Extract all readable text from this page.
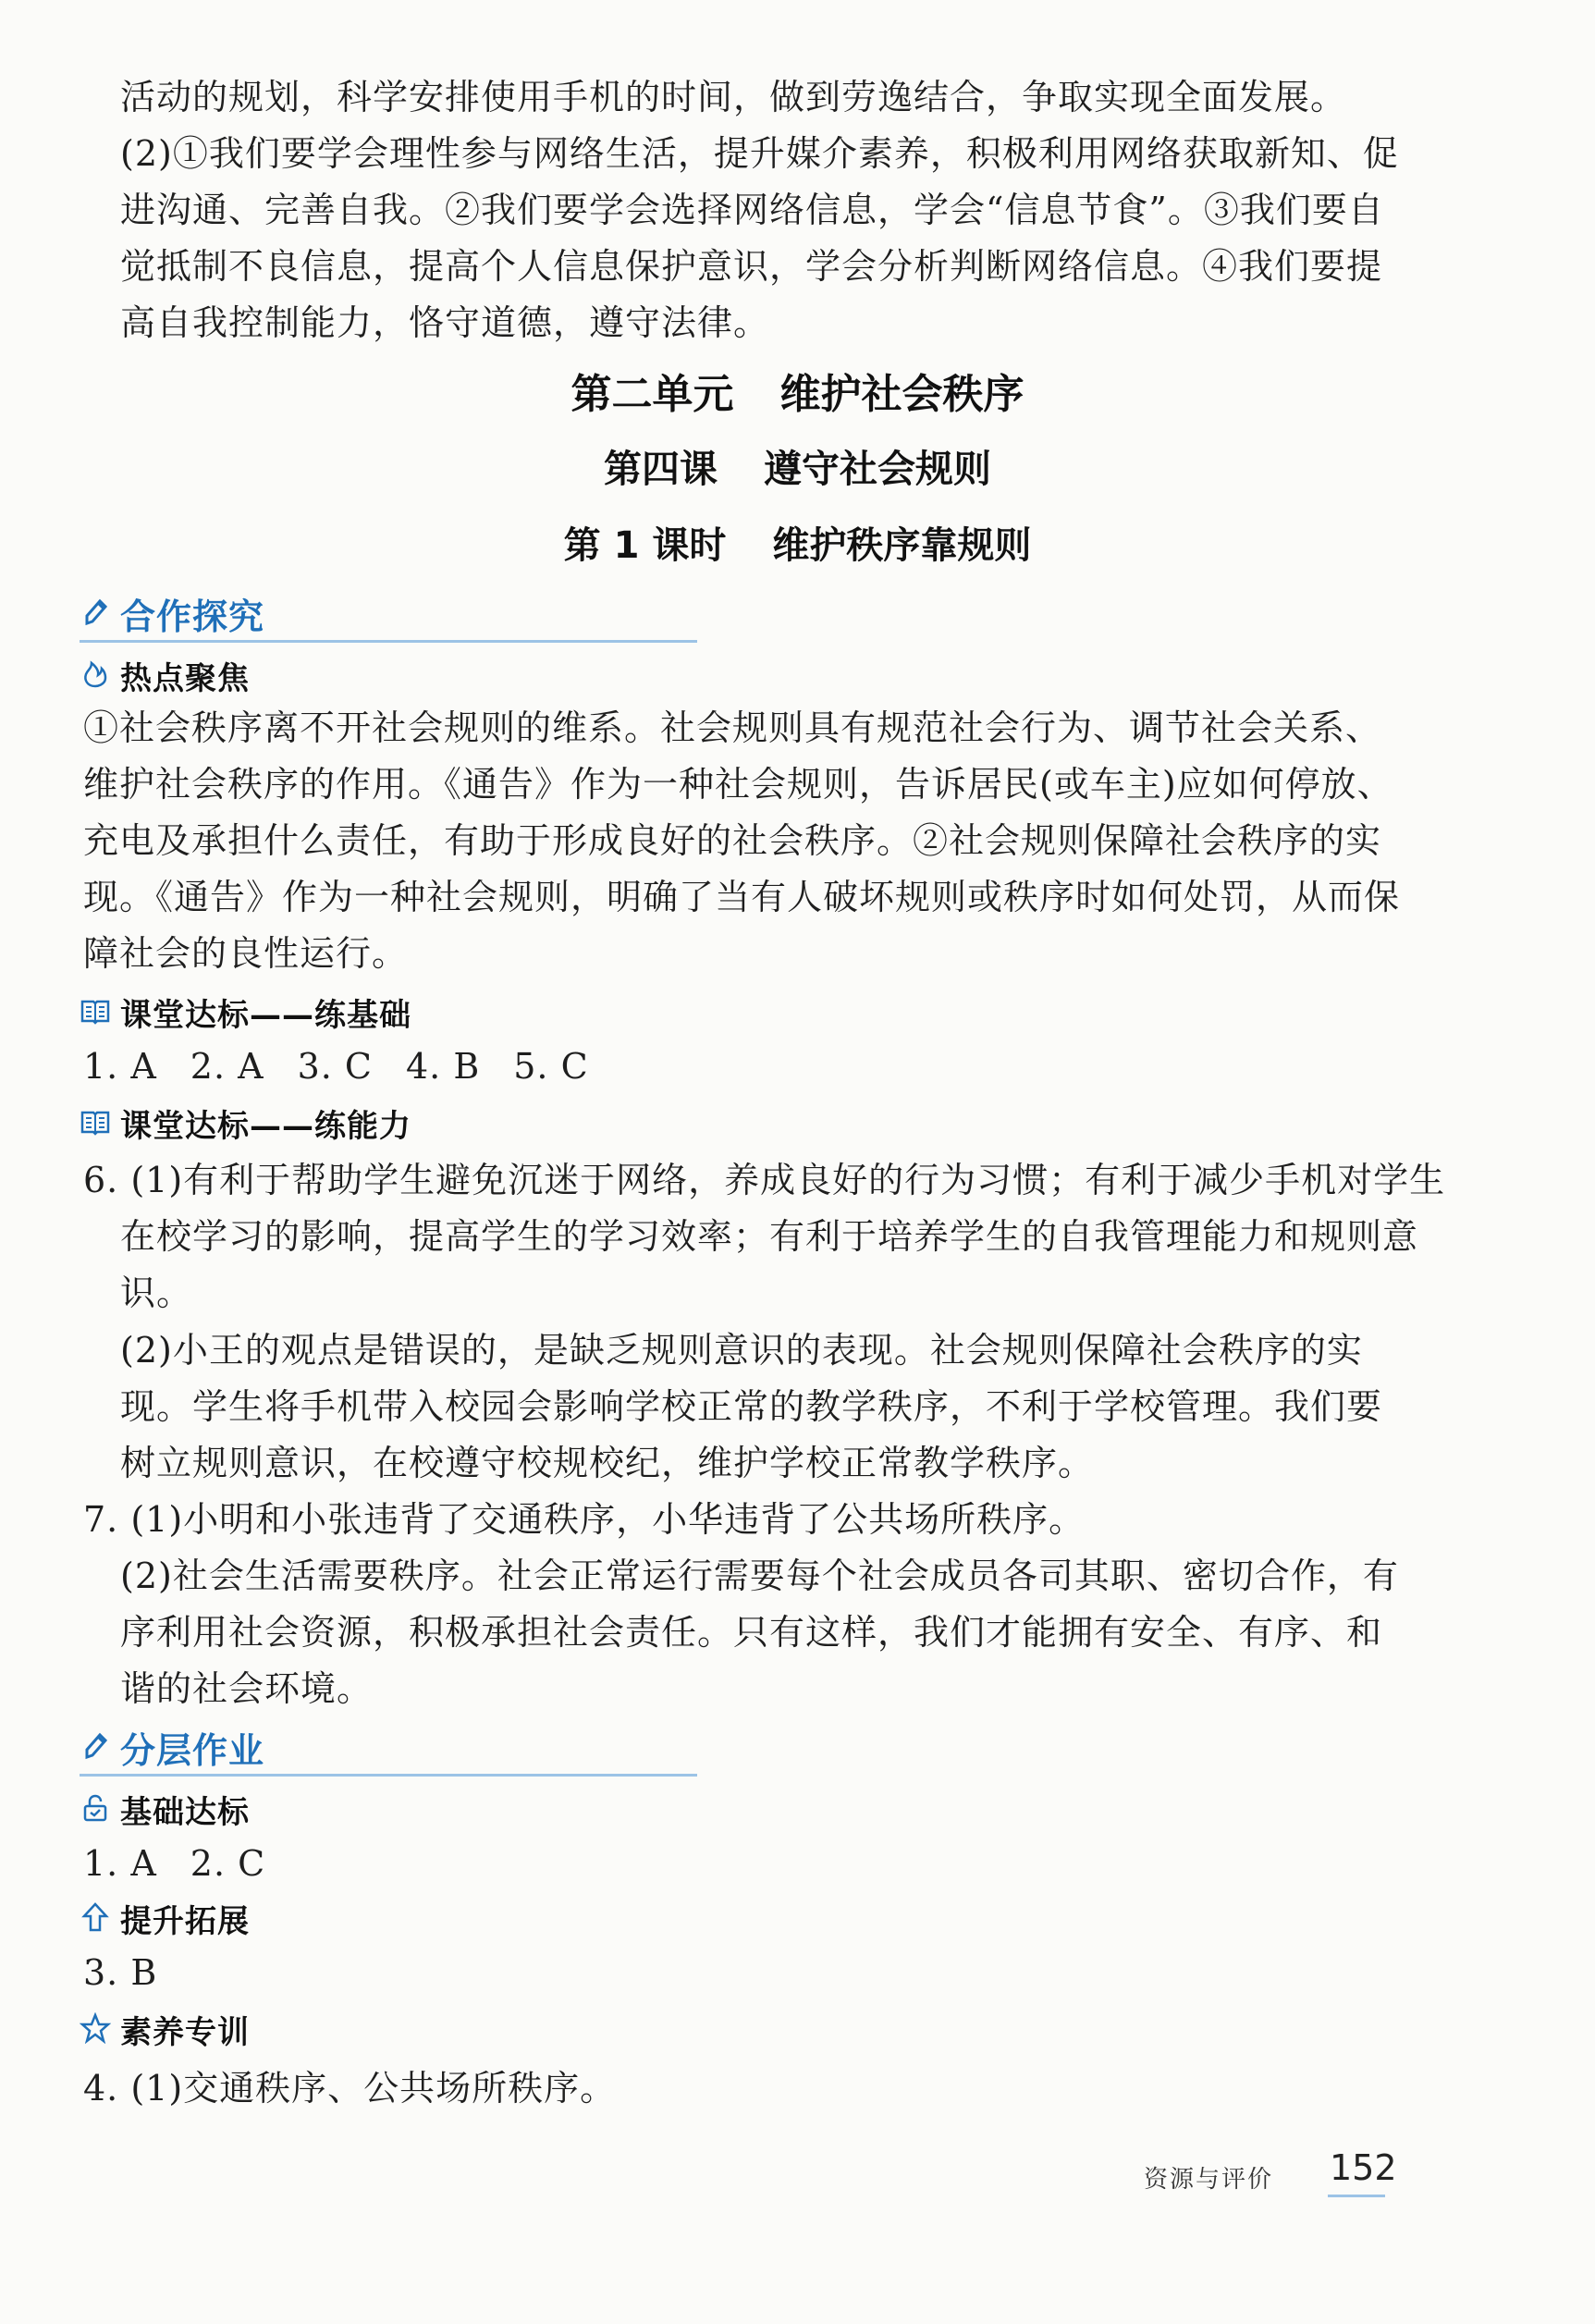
活动的规划，科学安排使用手机的时间，做到劳逸结合，争取实现全面发展。

(2)①我们要学会理性参与网络生活，提升媒介素养，积极利用网络获取新知、促进沟通、完善自我。②我们要学会选择网络信息，学会“信息节食”。③我们要自觉抵制不良信息，提高个人信息保护意识，学会分析判断网络信息。④我们要提高自我控制能力，恪守道德，遵守法律。

第二单元 维护社会秩序
第四课 遵守社会规则
第 1 课时 维护秩序靠规则
合作探究
热点聚焦

①社会秩序离不开社会规则的维系。社会规则具有规范社会行为、调节社会关系、维护社会秩序的作用。《通告》作为一种社会规则，告诉居民(或车主)应如何停放、充电及承担什么责任，有助于形成良好的社会秩序。②社会规则保障社会秩序的实现。《通告》作为一种社会规则，明确了当有人破坏规则或秩序时如何处罚，从而保障社会的良性运行。

课堂达标——练基础
1. A 2. A 3. C 4. B 5. C
课堂达标——练能力

6. (1)有利于帮助学生避免沉迷于网络，养成良好的行为习惯；有利于减少手机对学生在校学习的影响，提高学生的学习效率；有利于培养学生的自我管理能力和规则意识。

(2)小王的观点是错误的，是缺乏规则意识的表现。社会规则保障社会秩序的实现。学生将手机带入校园会影响学校正常的教学秩序，不利于学校管理。我们要树立规则意识，在校遵守校规校纪，维护学校正常教学秩序。

7. (1)小明和小张违背了交通秩序，小华违背了公共场所秩序。

(2)社会生活需要秩序。社会正常运行需要每个社会成员各司其职、密切合作，有序利用社会资源，积极承担社会责任。只有这样，我们才能拥有安全、有序、和谐的社会环境。

分层作业
基础达标
1. A 2. C
提升拓展
3. B
素养专训

4. (1)交通秩序、公共场所秩序。

资源与评价 152
